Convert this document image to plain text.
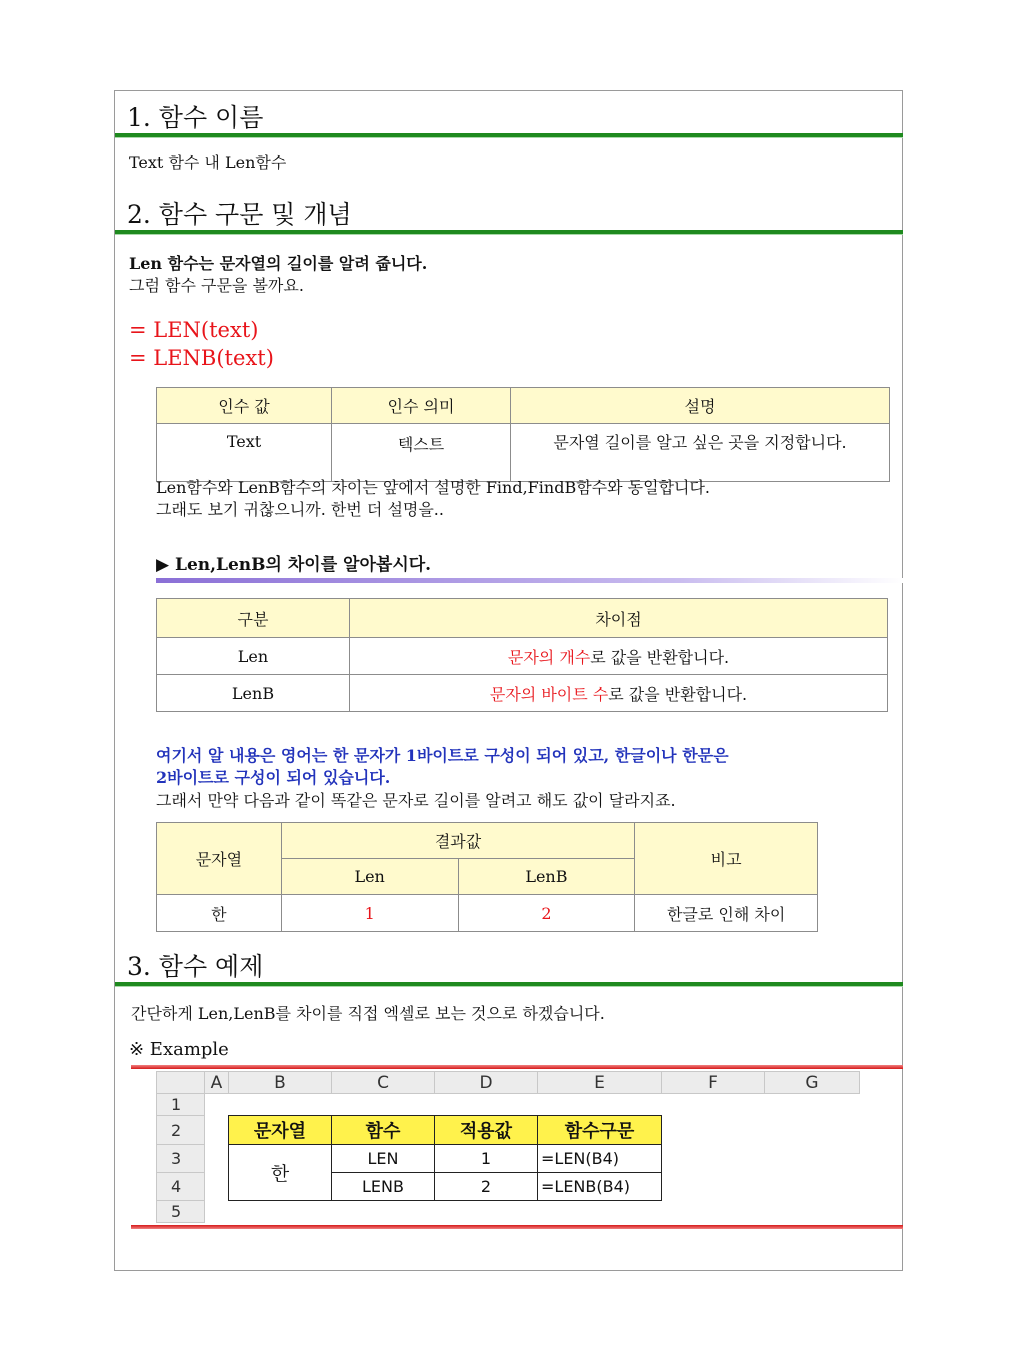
1. 함수 이름
Text 함수 내 Len함수
2. 함수 구문 및 개념
Len 함수는 문자열의 길이를 알려 줍니다.
그럼 함수 구문을 볼까요.
= LEN(text)
= LENB(text)
인수 값	인수 의미	설명
Text	텍스트	문자열 길이를 알고 싶은 곳을 지정합니다.
Len함수와 LenB함수의 차이는 앞에서 설명한 Find,FindB함수와 동일합니다.
그래도 보기 귀찮으니까. 한번 더 설명을..
▶ Len,LenB의 차이를 알아봅시다.
구분	차이점
Len	문자의 개수로 값을 반환합니다.
LenB	문자의 바이트 수로 값을 반환합니다.
여기서 알 내용은 영어는 한 문자가 1바이트로 구성이 되어 있고, 한글이나 한문은
2바이트로 구성이 되어 있습니다.
그래서 만약 다음과 같이 똑같은 문자로 길이를 알려고 해도 값이 달라지죠.
문자열	결과값		비고
	Len	LenB	
한	1	2	한글로 인해 차이
3. 함수 예제
간단하게 Len,LenB를 차이를 직접 엑셀로 보는 것으로 하겠습니다.
※ Example
	A	B	C	D	E	F	G
1							
2		문자열	함수	적용값	함수구문		
3		한	LEN	1	=LEN(B4)		
4			LENB	2	=LENB(B4)		
5							
